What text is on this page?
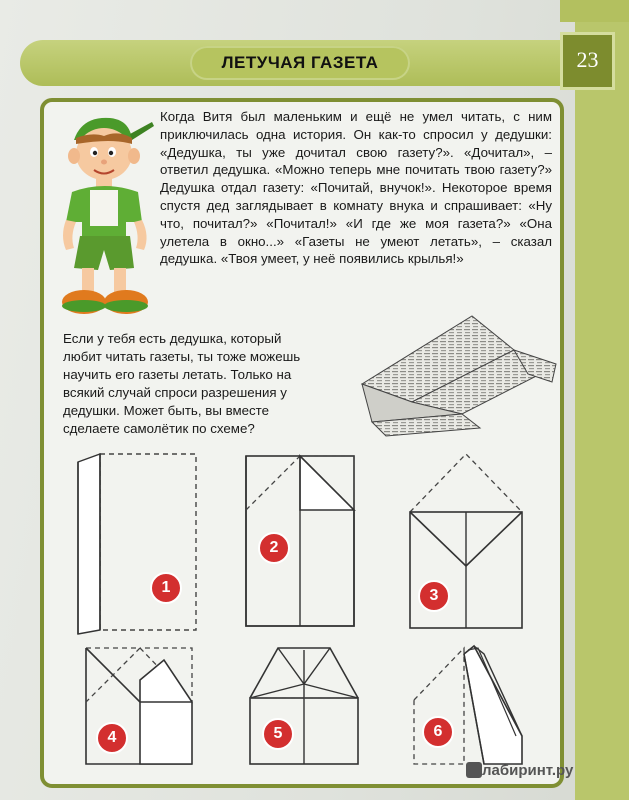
ЛЕТУЧАЯ ГАЗЕТА	23

Когда Витя был маленьким и ещё не умел читать, с ним приключилась одна история. Он как-то спросил у дедушки: «Дедушка, ты уже дочитал свою газету?». «Дочитал», – ответил дедушка. «Можно теперь мне почитать твою газету?» Дедушка отдал газету: «Почитай, внучок!». Некоторое время спустя дед заглядывает в комнату внука и спрашивает: «Ну что, почитал?» «Почитал!» «И где же моя газета?» «Она улетела в окно...» «Газеты не умеют летать», – сказал дедушка. «Твоя умеет, у неё появились крылья!»

Если у тебя есть дедушка, который любит читать газеты, ты тоже можешь научить его газеты летать. Только на всякий случай спроси разрешения у дедушки. Может быть, вы вместе сделаете самолётик по схеме?

1
2
3
4	5	6
лабиринт.ру
